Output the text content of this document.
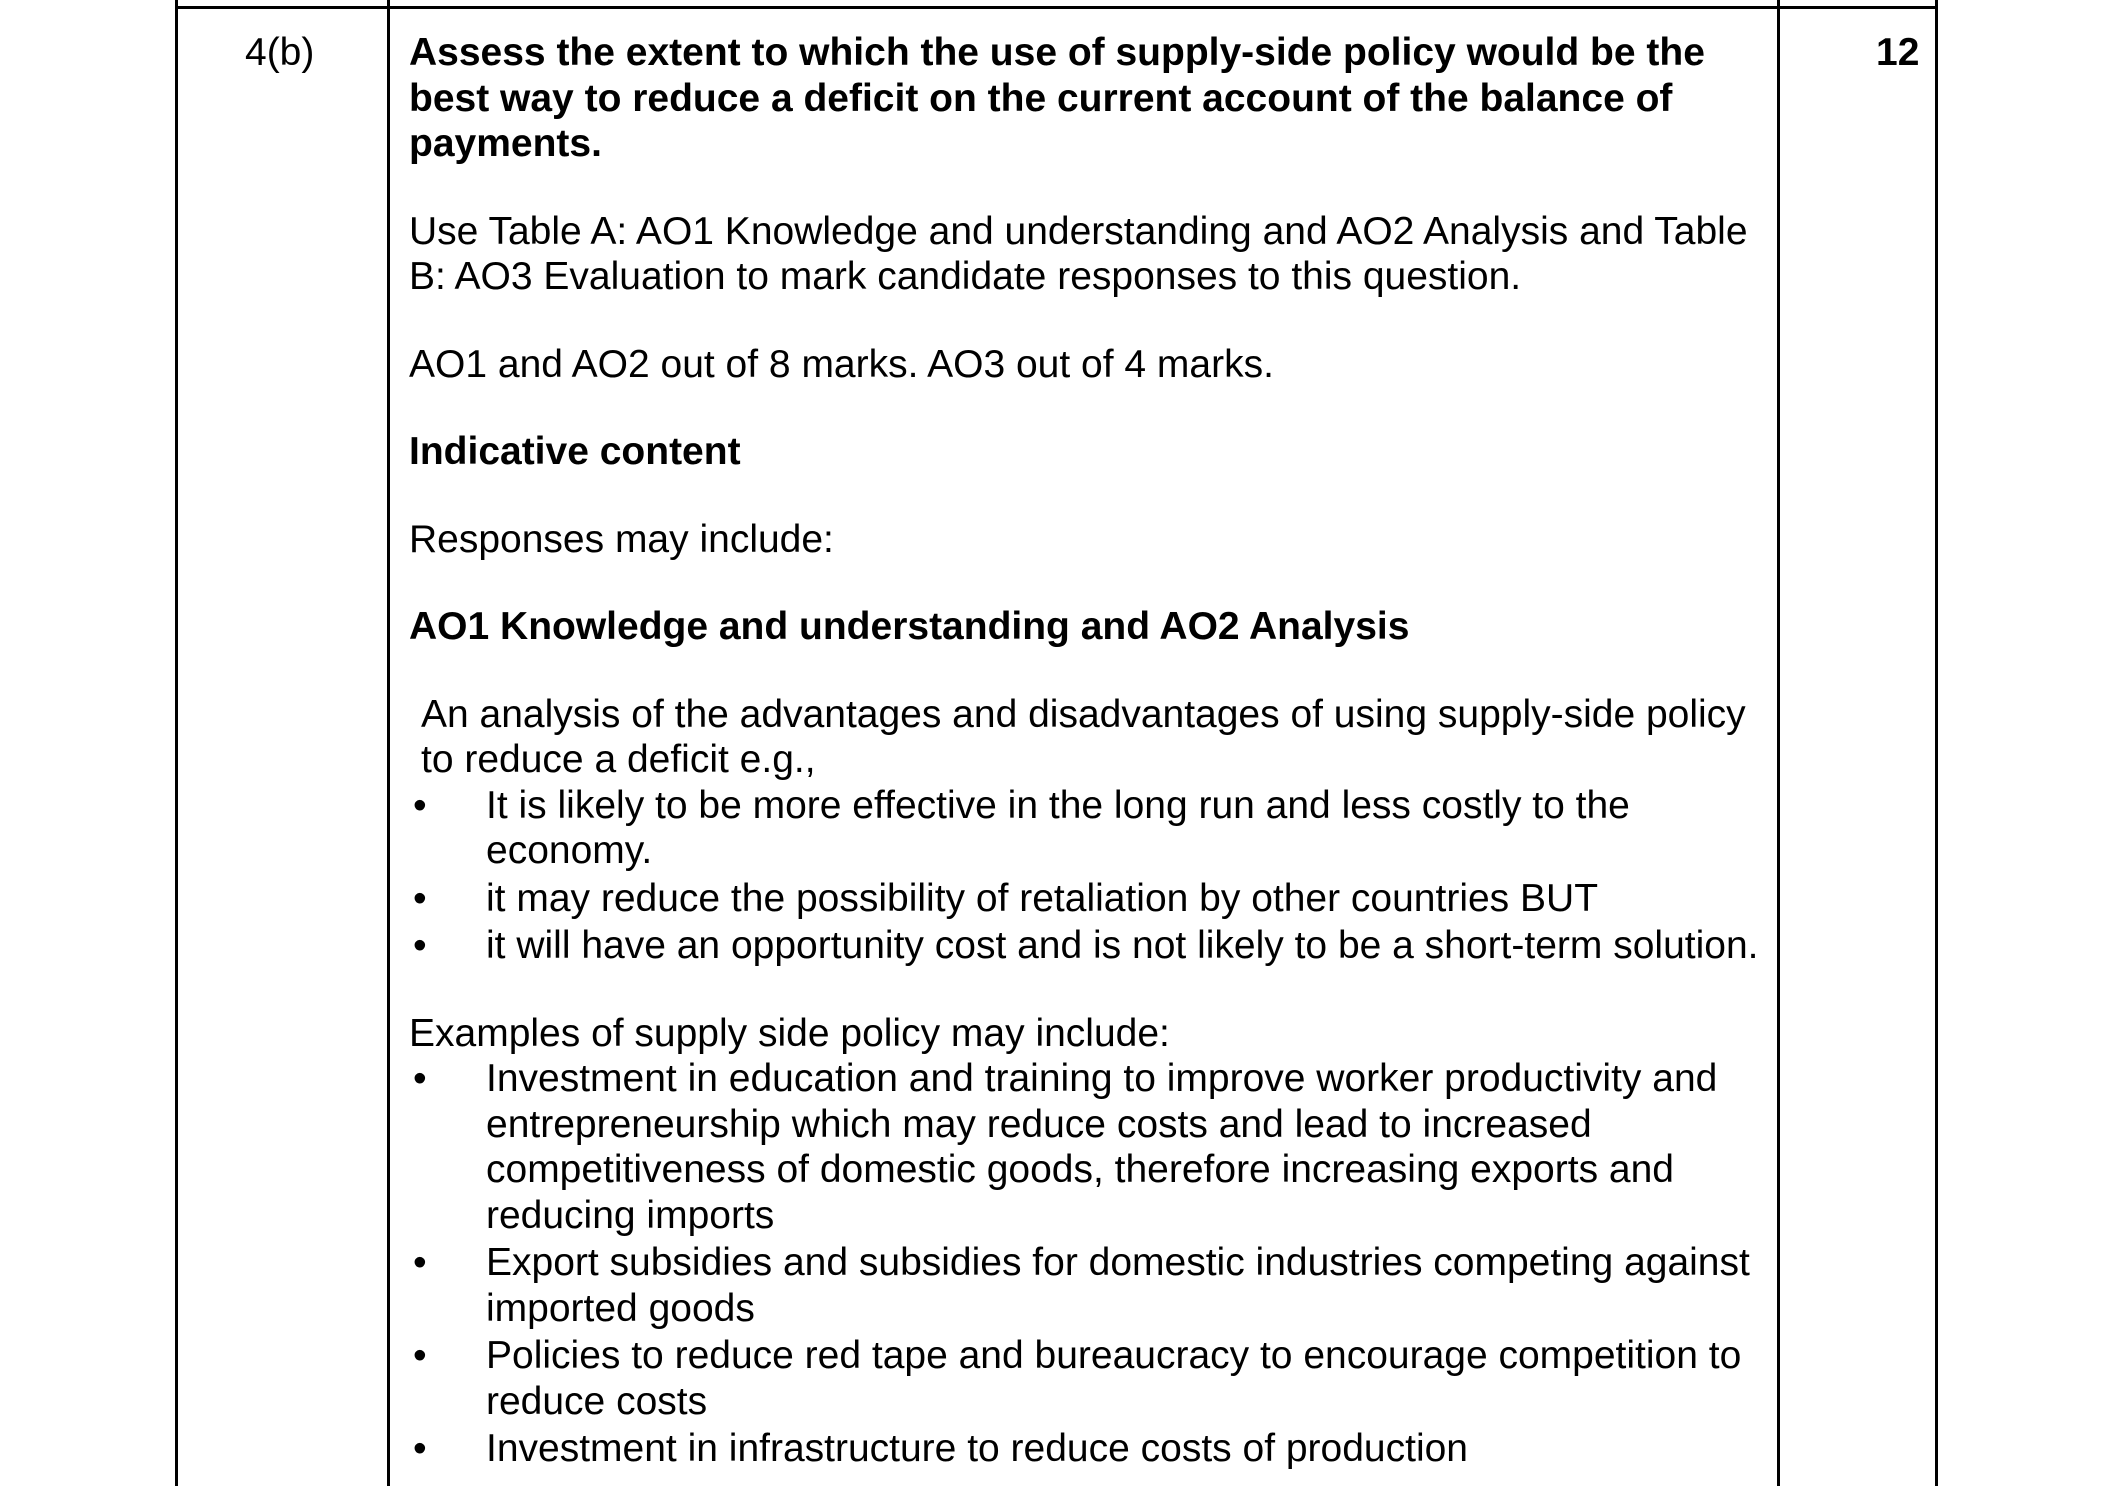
4(b)	12

Assess the extent to which the use of supply-side policy would be the best way to reduce a deficit on the current account of the balance of payments.

Use Table A: AO1 Knowledge and understanding and AO2 Analysis and Table B: AO3 Evaluation to mark candidate responses to this question.

AO1 and AO2 out of 8 marks. AO3 out of 4 marks.

Indicative content

Responses may include:

AO1 Knowledge and understanding and AO2 Analysis

An analysis of the advantages and disadvantages of using supply-side policy to reduce a deficit e.g.,

• It is likely to be more effective in the long run and less costly to the economy.
• it may reduce the possibility of retaliation by other countries BUT
• it will have an opportunity cost and is not likely to be a short-term solution.

Examples of supply side policy may include:

• Investment in education and training to improve worker productivity and entrepreneurship which may reduce costs and lead to increased competitiveness of domestic goods, therefore increasing exports and reducing imports
• Export subsidies and subsidies for domestic industries competing against imported goods
• Policies to reduce red tape and bureaucracy to encourage competition to reduce costs
• Investment in infrastructure to reduce costs of production
